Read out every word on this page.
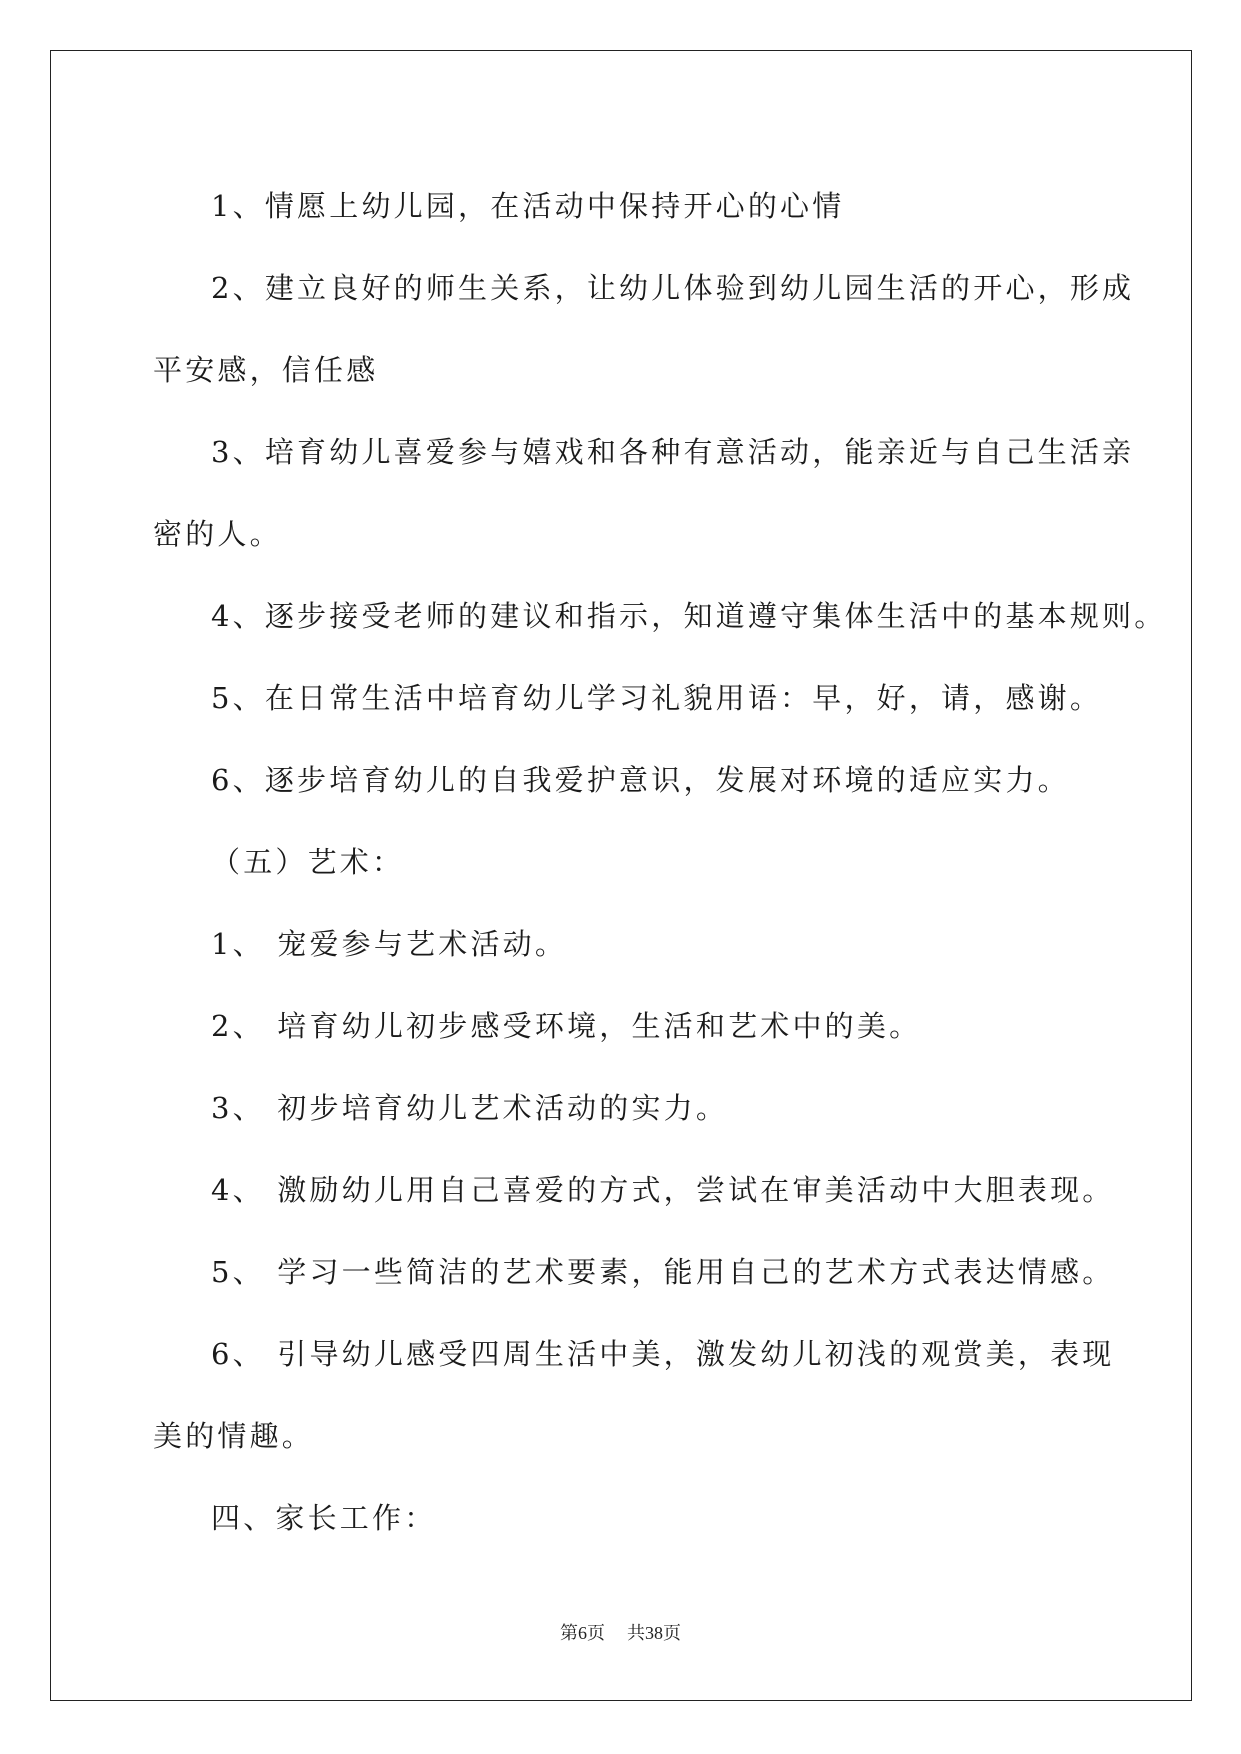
1、情愿上幼儿园，在活动中保持开心的心情
2、建立良好的师生关系，让幼儿体验到幼儿园生活的开心，形成
平安感，信任感
3、培育幼儿喜爱参与嬉戏和各种有意活动，能亲近与自己生活亲
密的人。
4、逐步接受老师的建议和指示，知道遵守集体生活中的基本规则。
5、在日常生活中培育幼儿学习礼貌用语：早，好，请，感谢。
6、逐步培育幼儿的自我爱护意识，发展对环境的适应实力。
（五）艺术：
1、 宠爱参与艺术活动。
2、 培育幼儿初步感受环境，生活和艺术中的美。
3、 初步培育幼儿艺术活动的实力。
4、 激励幼儿用自己喜爱的方式，尝试在审美活动中大胆表现。
5、 学习一些简洁的艺术要素，能用自己的艺术方式表达情感。
6、 引导幼儿感受四周生活中美，激发幼儿初浅的观赏美，表现
美的情趣。
四、家长工作：
第6页 共38页
